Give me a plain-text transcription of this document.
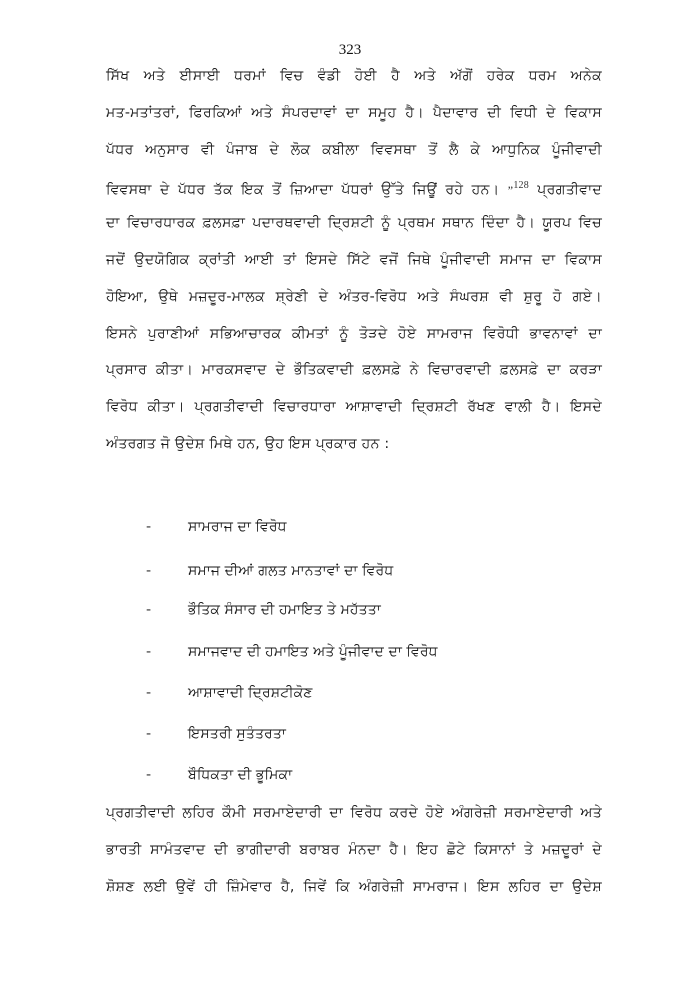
323
ਸਿੱਖ ਅਤੇ ਈਸਾਈ ਧਰਮਾਂ ਵਿਚ ਵੰਡੀ ਹੋਈ ਹੈ ਅਤੇ ਅੱਗੋਂ ਹਰੇਕ ਧਰਮ ਅਨੇਕ
ਮਤ-ਮਤਾਂਤਰਾਂ, ਫਿਰਕਿਆਂ ਅਤੇ ਸੰਪਰਦਾਵਾਂ ਦਾ ਸਮੂਹ ਹੈ। ਪੈਦਾਵਾਰ ਦੀ ਵਿਧੀ ਦੇ ਵਿਕਾਸ
ਪੱਧਰ ਅਨੁਸਾਰ ਵੀ ਪੰਜਾਬ ਦੇ ਲੋਕ ਕਬੀਲਾ ਵਿਵਸਥਾ ਤੋਂ ਲੈ ਕੇ ਆਧੁਨਿਕ ਪੂੰਜੀਵਾਦੀ
ਵਿਵਸਥਾ ਦੇ ਪੱਧਰ ਤੱਕ ਇਕ ਤੋਂ ਜ਼ਿਆਦਾ ਪੱਧਰਾਂ ਉੱਤੇ ਜਿਊਂ ਰਹੇ ਹਨ। ”$^{128}$ ਪ੍ਰਗਤੀਵਾਦ
ਦਾ ਵਿਚਾਰਧਾਰਕ ਫ਼ਲਸਫ਼ਾ ਪਦਾਰਥਵਾਦੀ ਦ੍ਰਿਸ਼ਟੀ ਨੂੰ ਪ੍ਰਥਮ ਸਥਾਨ ਦਿੰਦਾ ਹੈ। ਯੂਰਪ ਵਿਚ
ਜਦੋਂ ਉਦਯੋਗਿਕ ਕ੍ਰਾਂਤੀ ਆਈ ਤਾਂ ਇਸਦੇ ਸਿੱਟੇ ਵਜੋਂ ਜਿਥੇ ਪੂੰਜੀਵਾਦੀ ਸਮਾਜ ਦਾ ਵਿਕਾਸ
ਹੋਇਆ, ਉਥੇ ਮਜ਼ਦੂਰ-ਮਾਲਕ ਸ਼੍ਰੇਣੀ ਦੇ ਅੰਤਰ-ਵਿਰੋਧ ਅਤੇ ਸੰਘਰਸ਼ ਵੀ ਸ਼ੁਰੂ ਹੋ ਗਏ।
ਇਸਨੇ ਪੁਰਾਣੀਆਂ ਸਭਿਆਚਾਰਕ ਕੀਮਤਾਂ ਨੂੰ ਤੋੜਦੇ ਹੋਏ ਸਾਮਰਾਜ ਵਿਰੋਧੀ ਭਾਵਨਾਵਾਂ ਦਾ
ਪ੍ਰਸਾਰ ਕੀਤਾ। ਮਾਰਕਸਵਾਦ ਦੇ ਭੌਤਿਕਵਾਦੀ ਫ਼ਲਸਫ਼ੇ ਨੇ ਵਿਚਾਰਵਾਦੀ ਫ਼ਲਸਫ਼ੇ ਦਾ ਕਰੜਾ
ਵਿਰੋਧ ਕੀਤਾ। ਪ੍ਰਗਤੀਵਾਦੀ ਵਿਚਾਰਧਾਰਾ ਆਸ਼ਾਵਾਦੀ ਦ੍ਰਿਸ਼ਟੀ ਰੱਖਣ ਵਾਲੀ ਹੈ। ਇਸਦੇ
ਅੰਤਰਗਤ ਜੋ ਉਦੇਸ਼ ਮਿਥੇ ਹਨ, ਉਹ ਇਸ ਪ੍ਰਕਾਰ ਹਨ :
-	ਸਾਮਰਾਜ ਦਾ ਵਿਰੋਧ
-	ਸਮਾਜ ਦੀਆਂ ਗਲਤ ਮਾਨਤਾਵਾਂ ਦਾ ਵਿਰੋਧ
-	ਭੌਤਿਕ ਸੰਸਾਰ ਦੀ ਹਮਾਇਤ ਤੇ ਮਹੱਤਤਾ
-	ਸਮਾਜਵਾਦ ਦੀ ਹਮਾਇਤ ਅਤੇ ਪੂੰਜੀਵਾਦ ਦਾ ਵਿਰੋਧ
-	ਆਸ਼ਾਵਾਦੀ ਦ੍ਰਿਸ਼ਟੀਕੋਣ
-	ਇਸਤਰੀ ਸੁਤੰਤਰਤਾ
-	ਬੌਧਿਕਤਾ ਦੀ ਭੂਮਿਕਾ
ਪ੍ਰਗਤੀਵਾਦੀ ਲਹਿਰ ਕੌਮੀ ਸਰਮਾਏਦਾਰੀ ਦਾ ਵਿਰੋਧ ਕਰਦੇ ਹੋਏ ਅੰਗਰੇਜ਼ੀ ਸਰਮਾਏਦਾਰੀ ਅਤੇ
ਭਾਰਤੀ ਸਾਮੰਤਵਾਦ ਦੀ ਭਾਗੀਦਾਰੀ ਬਰਾਬਰ ਮੰਨਦਾ ਹੈ। ਇਹ ਛੋਟੇ ਕਿਸਾਨਾਂ ਤੇ ਮਜ਼ਦੂਰਾਂ ਦੇ
ਸ਼ੋਸ਼ਣ ਲਈ ਉਵੇਂ ਹੀ ਜ਼ਿੰਮੇਵਾਰ ਹੈ, ਜਿਵੇਂ ਕਿ ਅੰਗਰੇਜ਼ੀ ਸਾਮਰਾਜ। ਇਸ ਲਹਿਰ ਦਾ ਉਦੇਸ਼
